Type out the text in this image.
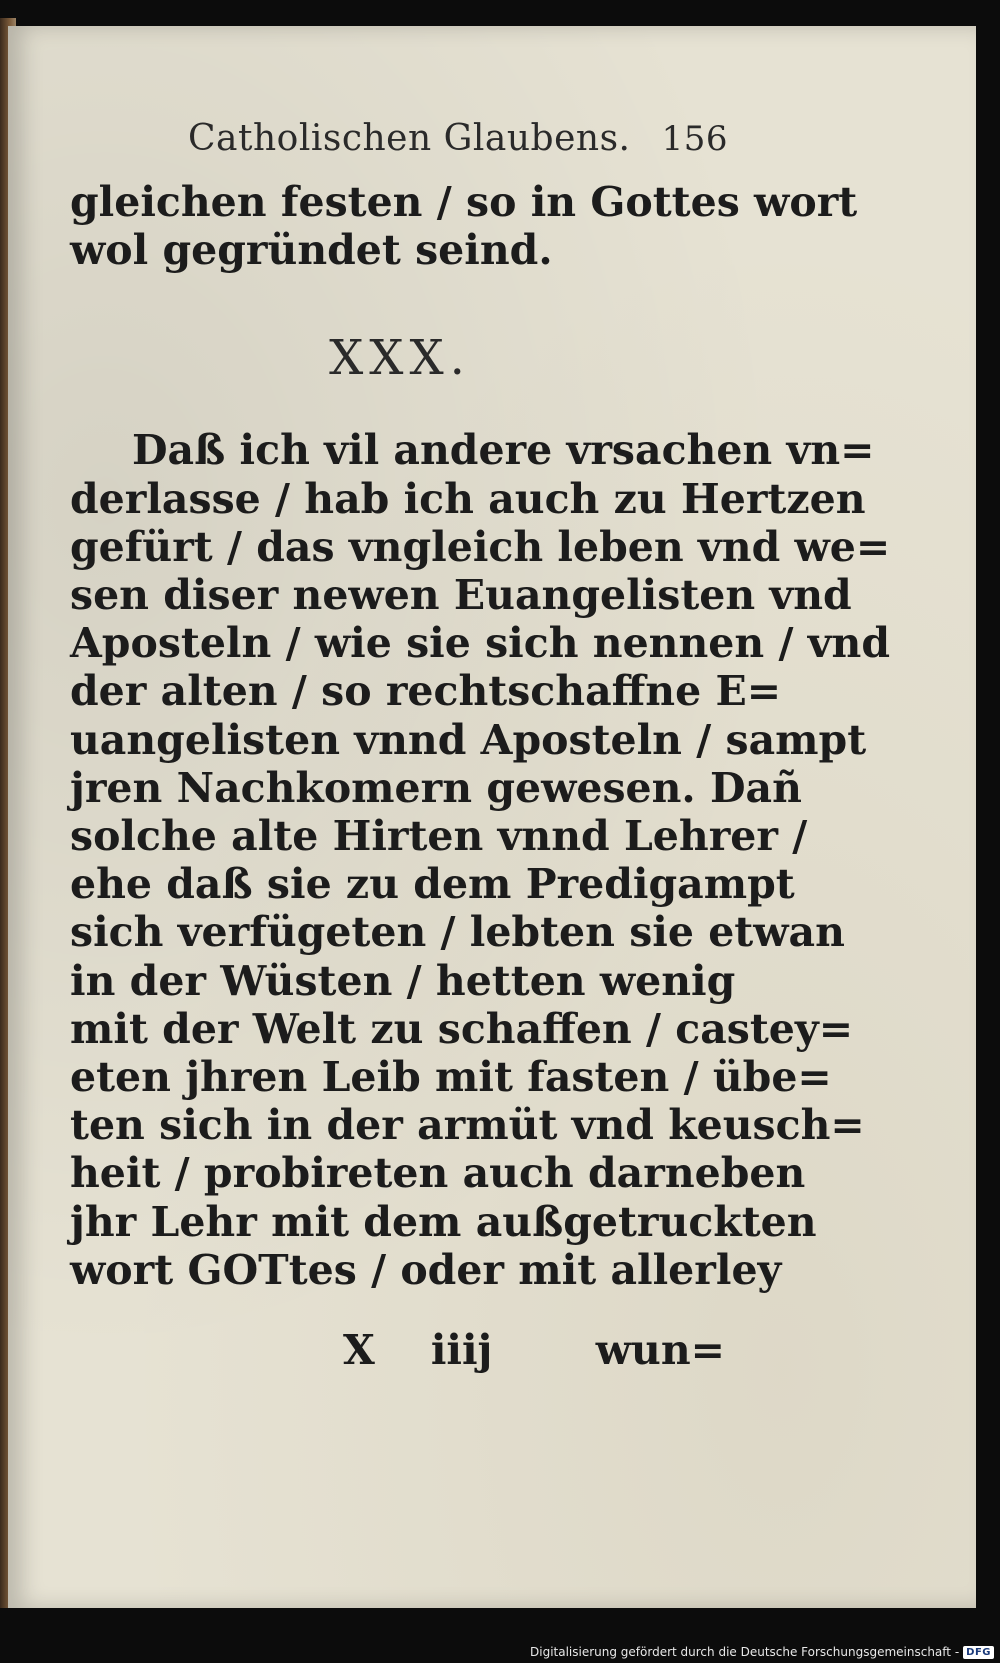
Catholischen Glaubens. 156
gleichen festen / so in Gottes wort
wol gegründet seind.
XXX.
Daß ich vil andere vrsachen vn=
derlasse / hab ich auch zu Hertzen
gefürt / das vngleich leben vnd we=
sen diser newen Euangelisten vnd
Aposteln / wie sie sich nennen / vnd
der alten / so rechtschaffne E=
uangelisten vnnd Aposteln / sampt
jren Nachkomern gewesen. Dañ
solche alte Hirten vnnd Lehrer /
ehe daß sie zu dem Predigampt
sich verfügeten / lebten sie etwan
in der Wüsten / hetten wenig
mit der Welt zu schaffen / castey=
eten jhren Leib mit fasten / übe=
ten sich in der armüt vnd keusch=
heit / probireten auch darneben
jhr Lehr mit dem außgetruckten
wort GOTtes / oder mit allerley
X iiij	wun=
Digitalisierung gefördert durch die Deutsche Forschungsgemeinschaft - DFG
